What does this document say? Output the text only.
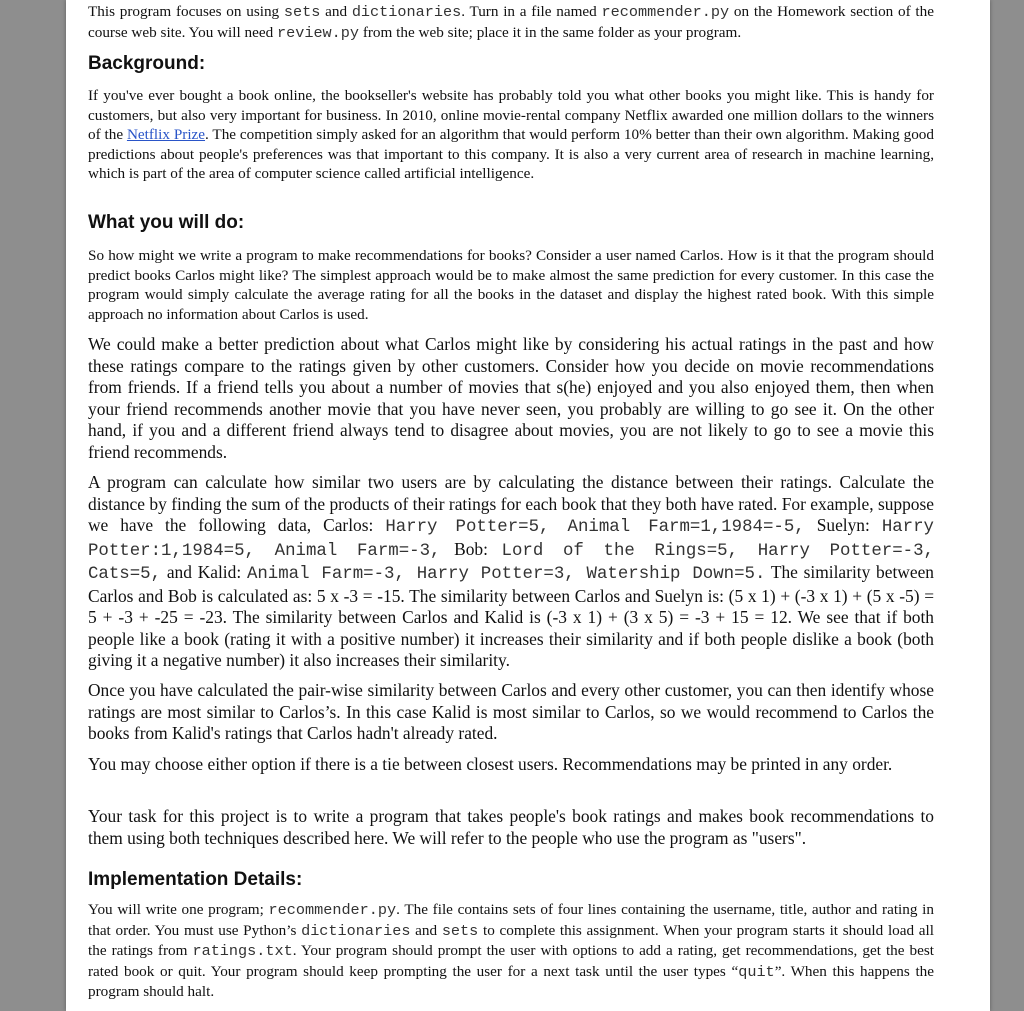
This program focuses on using sets and dictionaries. Turn in a file named recommender.py on the Homework section of the course web site. You will need review.py from the web site; place it in the same folder as your program.

Background:

If you've ever bought a book online, the bookseller's website has probably told you what other books you might like. This is handy for customers, but also very important for business. In 2010, online movie-rental company Netflix awarded one million dollars to the winners of the Netflix Prize. The competition simply asked for an algorithm that would perform 10% better than their own algorithm. Making good predictions about people's preferences was that important to this company. It is also a very current area of research in machine learning, which is part of the area of computer science called artificial intelligence.

What you will do:

So how might we write a program to make recommendations for books? Consider a user named Carlos. How is it that the program should predict books Carlos might like? The simplest approach would be to make almost the same prediction for every customer. In this case the program would simply calculate the average rating for all the books in the dataset and display the highest rated book. With this simple approach no information about Carlos is used.

We could make a better prediction about what Carlos might like by considering his actual ratings in the past and how these ratings compare to the ratings given by other customers. Consider how you decide on movie recommendations from friends. If a friend tells you about a number of movies that s(he) enjoyed and you also enjoyed them, then when your friend recommends another movie that you have never seen, you probably are willing to go see it. On the other hand, if you and a different friend always tend to disagree about movies, you are not likely to go to see a movie this friend recommends.

A program can calculate how similar two users are by calculating the distance between their ratings. Calculate the distance by finding the sum of the products of their ratings for each book that they both have rated. For example, suppose we have the following data, Carlos: Harry Potter=5, Animal Farm=1,1984=-5, Suelyn: Harry Potter:1,1984=5, Animal Farm=-3, Bob: Lord of the Rings=5, Harry Potter=-3, Cats=5, and Kalid: Animal Farm=-3, Harry Potter=3, Watership Down=5. The similarity between Carlos and Bob is calculated as: 5 x -3 = -15. The similarity between Carlos and Suelyn is: (5 x 1) + (-3 x 1) + (5 x -5) = 5 + -3 + -25 = -23. The similarity between Carlos and Kalid is (-3 x 1) + (3 x 5) = -3 + 15 = 12. We see that if both people like a book (rating it with a positive number) it increases their similarity and if both people dislike a book (both giving it a negative number) it also increases their similarity.

Once you have calculated the pair-wise similarity between Carlos and every other customer, you can then identify whose ratings are most similar to Carlos’s. In this case Kalid is most similar to Carlos, so we would recommend to Carlos the books from Kalid's ratings that Carlos hadn't already rated.

You may choose either option if there is a tie between closest users. Recommendations may be printed in any order.

Your task for this project is to write a program that takes people's book ratings and makes book recommendations to them using both techniques described here. We will refer to the people who use the program as "users".

Implementation Details:

You will write one program; recommender.py. The file contains sets of four lines containing the username, title, author and rating in that order. You must use Python’s dictionaries and sets to complete this assignment. When your program starts it should load all the ratings from ratings.txt. Your program should prompt the user with options to add a rating, get recommendations, get the best rated book or quit. Your program should keep prompting the user for a next task until the user types “quit”. When this happens the program should halt.
